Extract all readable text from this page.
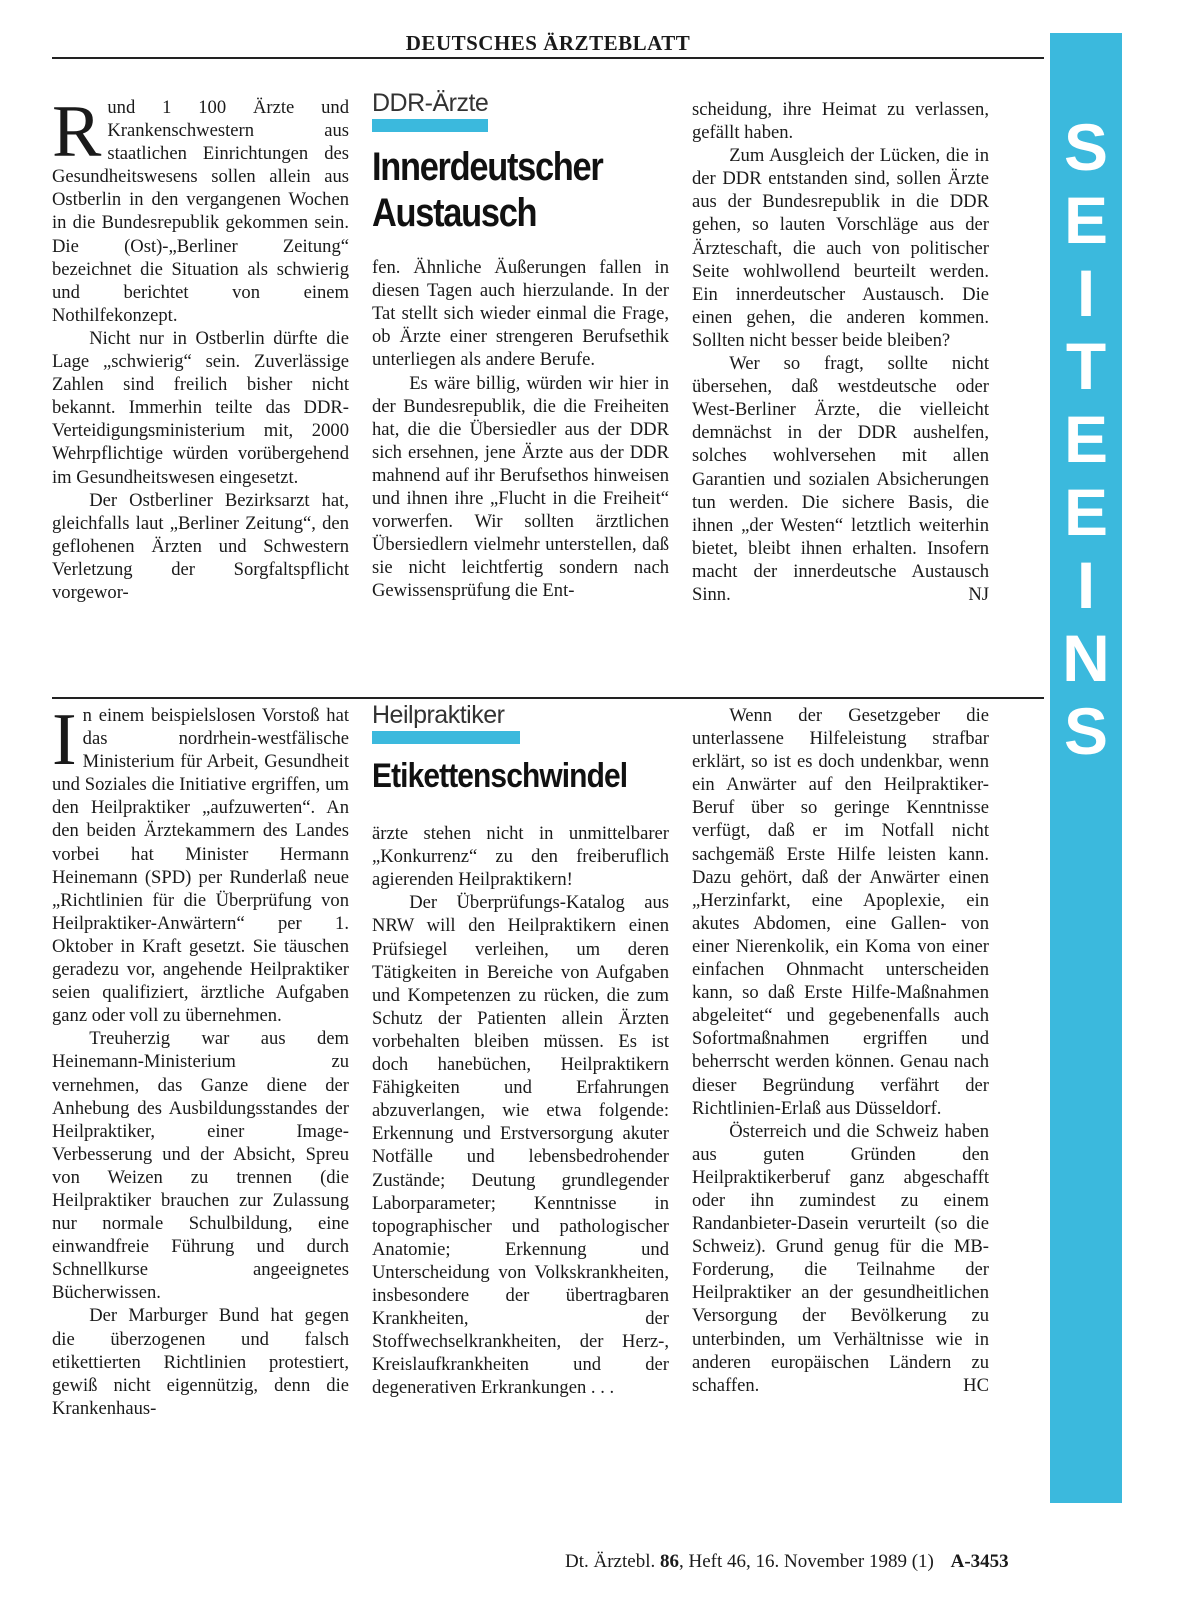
DEUTSCHES ÄRZTEBLATT
S
E
I
T
E
E
I
N
S

Rund 1 100 Ärzte und Krankenschwestern aus staatlichen Einrichtungen des Gesundheitswesens sollen allein aus Ostberlin in den vergangenen Wochen in die Bundesrepublik gekommen sein. Die (Ost)-„Berliner Zeitung“ bezeichnet die Situation als schwierig und berichtet von einem Nothilfekonzept.

Nicht nur in Ostberlin dürfte die Lage „schwierig“ sein. Zuverlässige Zahlen sind freilich bisher nicht bekannt. Immerhin teilte das DDR-Verteidigungsministerium mit, 2000 Wehrpflichtige würden vorübergehend im Gesundheitswesen eingesetzt.

Der Ostberliner Bezirksarzt hat, gleichfalls laut „Berliner Zeitung“, den geflohenen Ärzten und Schwestern Verletzung der Sorgfaltspflicht vorgewor-

DDR-Ärzte
Innerdeutscher
Austausch

fen. Ähnliche Äußerungen fallen in diesen Tagen auch hierzulande. In der Tat stellt sich wieder einmal die Frage, ob Ärzte einer strengeren Berufsethik unterliegen als andere Berufe.

Es wäre billig, würden wir hier in der Bundesrepublik, die die Freiheiten hat, die die Übersiedler aus der DDR sich ersehnen, jene Ärzte aus der DDR mahnend auf ihr Berufsethos hinweisen und ihnen ihre „Flucht in die Freiheit“ vorwerfen. Wir sollten ärztlichen Übersiedlern vielmehr unterstellen, daß sie nicht leichtfertig sondern nach Gewissensprüfung die Ent-

scheidung, ihre Heimat zu verlassen, gefällt haben.

Zum Ausgleich der Lücken, die in der DDR entstanden sind, sollen Ärzte aus der Bundesrepublik in die DDR gehen, so lauten Vorschläge aus der Ärzteschaft, die auch von politischer Seite wohlwollend beurteilt werden. Ein innerdeutscher Austausch. Die einen gehen, die anderen kommen. Sollten nicht besser beide bleiben?

Wer so fragt, sollte nicht übersehen, daß westdeutsche oder West-Berliner Ärzte, die vielleicht demnächst in der DDR aushelfen, solches wohlversehen mit allen Garantien und sozialen Absicherungen tun werden. Die sichere Basis, die ihnen „der Westen“ letztlich weiterhin bietet, bleibt ihnen erhalten. Insofern macht der innerdeutsche Austausch Sinn.	NJ

In einem beispielslosen Vorstoß hat das nordrhein-westfälische Ministerium für Arbeit, Gesundheit und Soziales die Initiative ergriffen, um den Heilpraktiker „aufzuwerten“. An den beiden Ärztekammern des Landes vorbei hat Minister Hermann Heinemann (SPD) per Runderlaß neue „Richtlinien für die Überprüfung von Heilpraktiker-Anwärtern“ per 1. Oktober in Kraft gesetzt. Sie täuschen geradezu vor, angehende Heilpraktiker seien qualifiziert, ärztliche Aufgaben ganz oder voll zu übernehmen.

Treuherzig war aus dem Heinemann-Ministerium zu vernehmen, das Ganze diene der Anhebung des Ausbildungsstandes der Heilpraktiker, einer Image-Verbesserung und der Absicht, Spreu von Weizen zu trennen (die Heilpraktiker brauchen zur Zulassung nur normale Schulbildung, eine einwandfreie Führung und durch Schnellkurse angeeignetes Bücherwissen.

Der Marburger Bund hat gegen die überzogenen und falsch etikettierten Richtlinien protestiert, gewiß nicht eigennützig, denn die Krankenhaus-

Heilpraktiker
Etikettenschwindel

ärzte stehen nicht in unmittelbarer „Konkurrenz“ zu den freiberuflich agierenden Heilpraktikern!

Der Überprüfungs-Katalog aus NRW will den Heilpraktikern einen Prüfsiegel verleihen, um deren Tätigkeiten in Bereiche von Aufgaben und Kompetenzen zu rücken, die zum Schutz der Patienten allein Ärzten vorbehalten bleiben müssen. Es ist doch hanebüchen, Heilpraktikern Fähigkeiten und Erfahrungen abzuverlangen, wie etwa folgende: Erkennung und Erstversorgung akuter Notfälle und lebensbedrohender Zustände; Deutung grundlegender Laborparameter; Kenntnisse in topographischer und pathologischer Anatomie; Erkennung und Unterscheidung von Volkskrankheiten, insbesondere der übertragbaren Krankheiten, der Stoffwechselkrankheiten, der Herz-, Kreislaufkrankheiten und der degenerativen Erkrankungen . . .

Wenn der Gesetzgeber die unterlassene Hilfeleistung strafbar erklärt, so ist es doch undenkbar, wenn ein Anwärter auf den Heilpraktiker-Beruf über so geringe Kenntnisse verfügt, daß er im Notfall nicht sachgemäß Erste Hilfe leisten kann. Dazu gehört, daß der Anwärter einen „Herzinfarkt, eine Apoplexie, ein akutes Abdomen, eine Gallen- von einer Nierenkolik, ein Koma von einer einfachen Ohnmacht unterscheiden kann, so daß Erste Hilfe-Maßnahmen abgeleitet“ und gegebenenfalls auch Sofortmaßnahmen ergriffen und beherrscht werden können. Genau nach dieser Begründung verfährt der Richtlinien-Erlaß aus Düsseldorf.

Österreich und die Schweiz haben aus guten Gründen den Heilpraktikerberuf ganz abgeschafft oder ihn zumindest zu einem Randanbieter-Dasein verurteilt (so die Schweiz). Grund genug für die MB-Forderung, die Teilnahme der Heilpraktiker an der gesundheitlichen Versorgung der Bevölkerung zu unterbinden, um Verhältnisse wie in anderen europäischen Ländern zu schaffen.	HC

Dt. Ärztebl. 86, Heft 46, 16. November 1989 (1) A-3453
